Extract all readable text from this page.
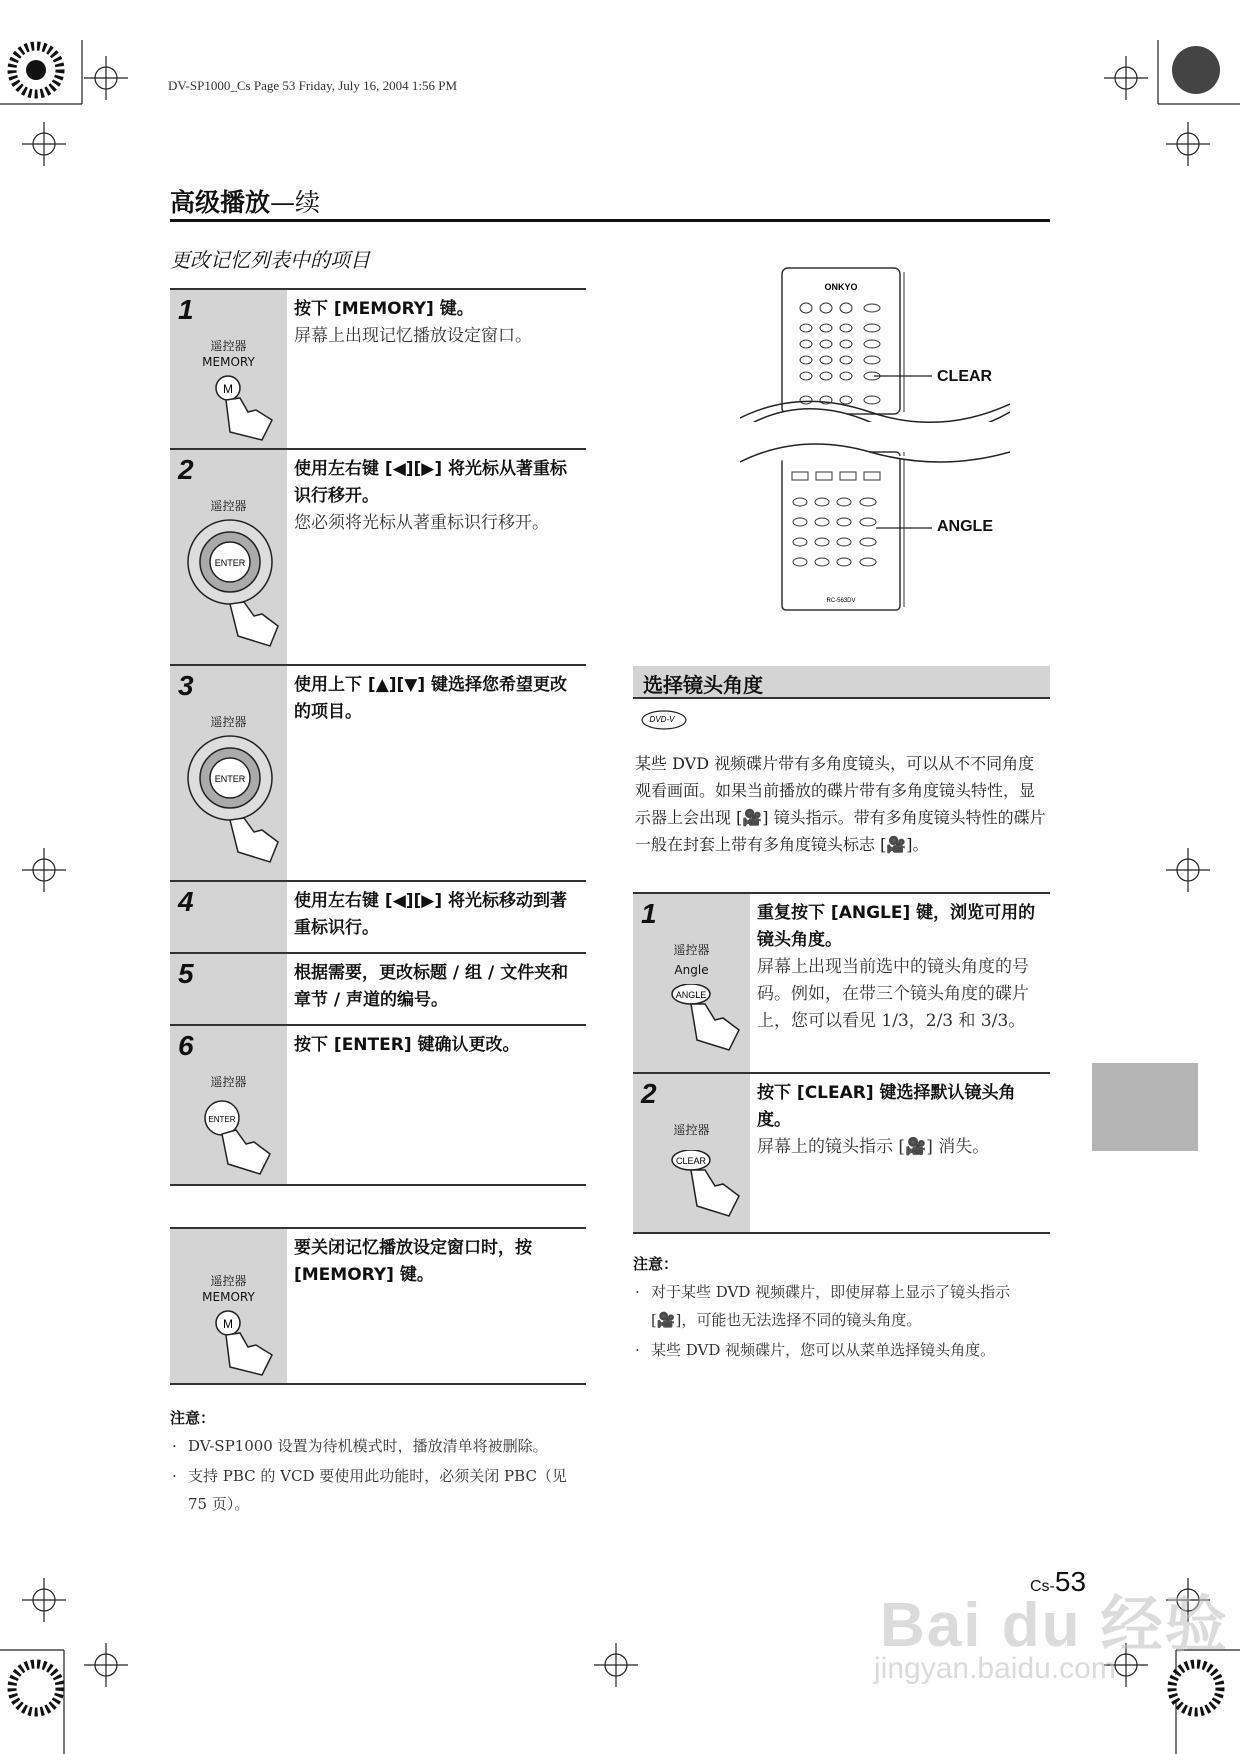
DV-SP1000_Cs Page 53 Friday, July 16, 2004 1:56 PM
高级播放—续
更改记忆列表中的项目
1
遥控器
MEMORY
M
按下 [MEMORY] 键。
屏幕上出现记忆播放设定窗口。
2
遥控器
ENTER
使用左右键 [◀][▶] 将光标从著重标识行移开。
您必须将光标从著重标识行移开。
3
遥控器
ENTER
使用上下 [▲][▼] 键选择您希望更改的项目。
4	使用左右键 [◀][▶] 将光标移动到著重标识行。
5	根据需要，更改标题 / 组 / 文件夹和章节 / 声道的编号。
6
遥控器
ENTER
按下 [ENTER] 键确认更改。
遥控器
MEMORY
M
要关闭记忆播放设定窗口时，按 [MEMORY] 键。
注意：
· DV-SP1000 设置为待机模式时，播放清单将被删除。
· 支持 PBC 的 VCD 要使用此功能时，必须关闭 PBC（见 75 页）。
ONKYO
RC-563DV
CLEAR
ANGLE
选择镜头角度
DVD-V
某些 DVD 视频碟片带有多角度镜头，可以从不不同角度观看画面。如果当前播放的碟片带有多角度镜头特性，显示器上会出现 [🎥] 镜头指示。带有多角度镜头特性的碟片一般在封套上带有多角度镜头标志 [🎥]。
1
遥控器
Angle
ANGLE
重复按下 [ANGLE] 键，浏览可用的镜头角度。
屏幕上出现当前选中的镜头角度的号码。例如，在带三个镜头角度的碟片上，您可以看见 1/3，2/3 和 3/3。
2
遥控器
CLEAR
按下 [CLEAR] 键选择默认镜头角度。
屏幕上的镜头指示 [🎥] 消失。
注意：
· 对于某些 DVD 视频碟片，即使屏幕上显示了镜头指示 [🎥]，可能也无法选择不同的镜头角度。
· 某些 DVD 视频碟片，您可以从菜单选择镜头角度。
Cs-53
Bai du 经验
jingyan.baidu.com
